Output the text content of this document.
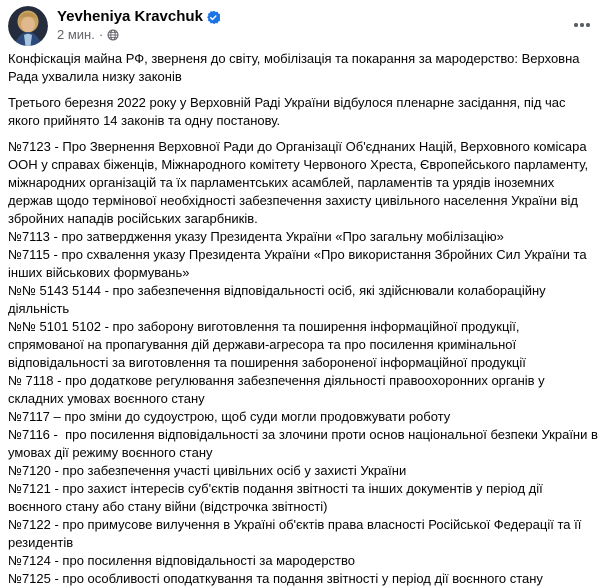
Yevheniya Kravchuk
2 мин. ·
Конфіскація майна РФ, зверненя до світу, мобілізація та покарання за мародерство: Верховна Рада ухвалила низку законів
Третього березня 2022 року у Верховній Раді України відбулося пленарне засідання, під час якого прийнято 14 законів та одну постанову.
№7123 - Про Звернення Верховної Ради до Організації Об'єднаних Націй, Верховного комісара ООН у справах біженців, Міжнародного комітету Червоного Хреста, Європейського парламенту, міжнародних організацій та їх парламентських асамблей, парламентів та урядів іноземних держав щодо термінової необхідності забезпечення захисту цивільного населення України від збройних нападів російських загарбників.
№7113 - про затвердження указу Президента України «Про загальну мобілізацію»
№7115 - про схвалення указу Президента України «Про використання Збройних Сил України та інших військових формувань»
№№ 5143 5144 - про забезпечення відповідальності осіб, які здійснювали колабораційну діяльність
№№ 5101 5102 - про заборону виготовлення та поширення інформаційної продукції, спрямованої на пропагування дій держави-агресора та про посилення кримінальної відповідальності за виготовлення та поширення забороненої інформаційної продукції
№ 7118 - про додаткове регулювання забезпечення діяльності правоохоронних органів у складних умовах воєнного стану
№7117 – про зміни до судоустрою, щоб суди могли продовжувати роботу
№7116 -  про посилення відповідальності за злочини проти основ національної безпеки України в умовах дії режиму воєнного стану
№7120 - про забезпечення участі цивільних осіб у захисті України
№7121 - про захист інтересів суб'єктів подання звітності та інших документів у період дії воєнного стану або стану війни (відстрочка звітності)
№7122 - про примусове вилучення в Україні об'єктів права власності Російської Федерації та її резидентів
№7124 - про посилення відповідальності за мародерство
№7125 - про особливості оподаткування та подання звітності у період дії воєнного стану
